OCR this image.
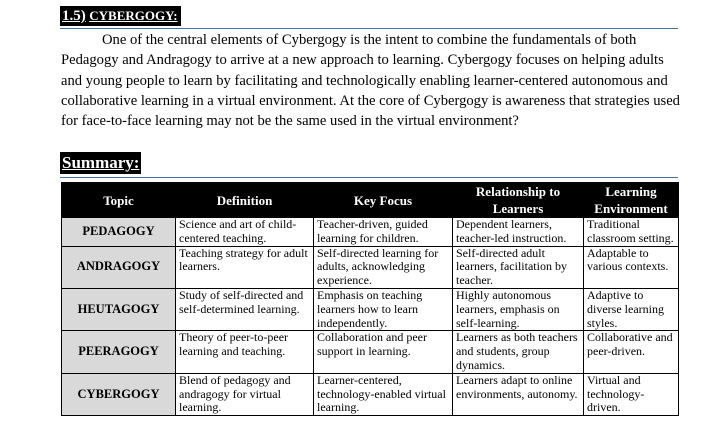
1.5) CYBERGOGY:

One of the central elements of Cybergogy is the intent to combine the fundamentals of both Pedagogy and Andragogy to arrive at a new approach to learning. Cybergogy focuses on helping adults and young people to learn by facilitating and technologically enabling learner-centered autonomous and collaborative learning in a virtual environment. At the core of Cybergogy is awareness that strategies used for face-to-face learning may not be the same used in the virtual environment?

Summary:
Topic	Definition	Key Focus	Relationship to Learners	Learning Environment
PEDAGOGY	Science and art of child-centered teaching.	Teacher-driven, guided learning for children.	Dependent learners, teacher-led instruction.	Traditional classroom setting.
ANDRAGOGY	Teaching strategy for adult learners.	Self-directed learning for adults, acknowledging experience.	Self-directed adult learners, facilitation by teacher.	Adaptable to various contexts.
HEUTAGOGY	Study of self-directed and self-determined learning.	Emphasis on teaching learners how to learn independently.	Highly autonomous learners, emphasis on self-learning.	Adaptive to diverse learning styles.
PEERAGOGY	Theory of peer-to-peer learning and teaching.	Collaboration and peer support in learning.	Learners as both teachers and students, group dynamics.	Collaborative and peer-driven.
CYBERGOGY	Blend of pedagogy and andragogy for virtual learning.	Learner-centered, technology-enabled virtual learning.	Learners adapt to online environments, autonomy.	Virtual and technology-driven.
